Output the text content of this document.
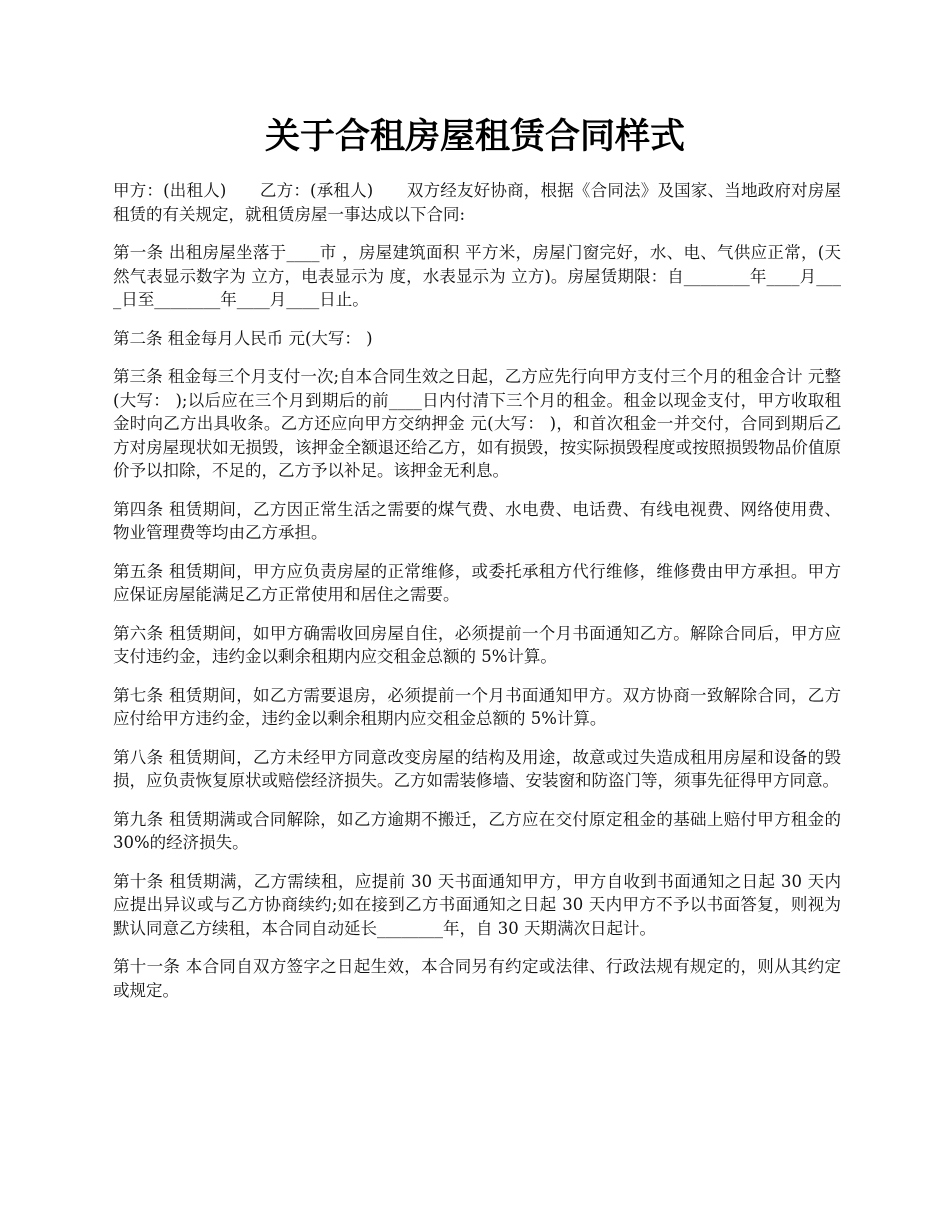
关于合租房屋租赁合同样式

甲方：(出租人)　　乙方：(承租人)　　双方经友好协商，根据《合同法》及国家、当地政府对房屋租赁的有关规定，就租赁房屋一事达成以下合同:

第一条 出租房屋坐落于____市 ，房屋建筑面积 平方米，房屋门窗完好，水、电、气供应正常，(天然气表显示数字为 立方，电表显示为 度，水表显示为 立方)。房屋赁期限：自________年____月____日至________年____月____日止。

第二条 租金每月人民币 元(大写： )

第三条 租金每三个月支付一次;自本合同生效之日起，乙方应先行向甲方支付三个月的租金合计 元整(大写： );以后应在三个月到期后的前____日内付清下三个月的租金。租金以现金支付，甲方收取租金时向乙方出具收条。乙方还应向甲方交纳押金 元(大写： )，和首次租金一并交付，合同到期后乙方对房屋现状如无损毁，该押金全额退还给乙方，如有损毁，按实际损毁程度或按照损毁物品价值原价予以扣除，不足的，乙方予以补足。该押金无利息。

第四条 租赁期间，乙方因正常生活之需要的煤气费、水电费、电话费、有线电视费、网络使用费、物业管理费等均由乙方承担。

第五条 租赁期间，甲方应负责房屋的正常维修，或委托承租方代行维修，维修费由甲方承担。甲方应保证房屋能满足乙方正常使用和居住之需要。

第六条 租赁期间，如甲方确需收回房屋自住，必须提前一个月书面通知乙方。解除合同后，甲方应支付违约金，违约金以剩余租期内应交租金总额的 5%计算。

第七条 租赁期间，如乙方需要退房，必须提前一个月书面通知甲方。双方协商一致解除合同，乙方应付给甲方违约金，违约金以剩余租期内应交租金总额的 5%计算。

第八条 租赁期间，乙方未经甲方同意改变房屋的结构及用途，故意或过失造成租用房屋和设备的毁损，应负责恢复原状或赔偿经济损失。乙方如需装修墙、安装窗和防盗门等，须事先征得甲方同意。

第九条 租赁期满或合同解除，如乙方逾期不搬迁，乙方应在交付原定租金的基础上赔付甲方租金的 30%的经济损失。

第十条 租赁期满，乙方需续租，应提前 30 天书面通知甲方，甲方自收到书面通知之日起 30 天内应提出异议或与乙方协商续约;如在接到乙方书面通知之日起 30 天内甲方不予以书面答复，则视为默认同意乙方续租，本合同自动延长________年，自 30 天期满次日起计。

第十一条 本合同自双方签字之日起生效，本合同另有约定或法律、行政法规有规定的，则从其约定或规定。
